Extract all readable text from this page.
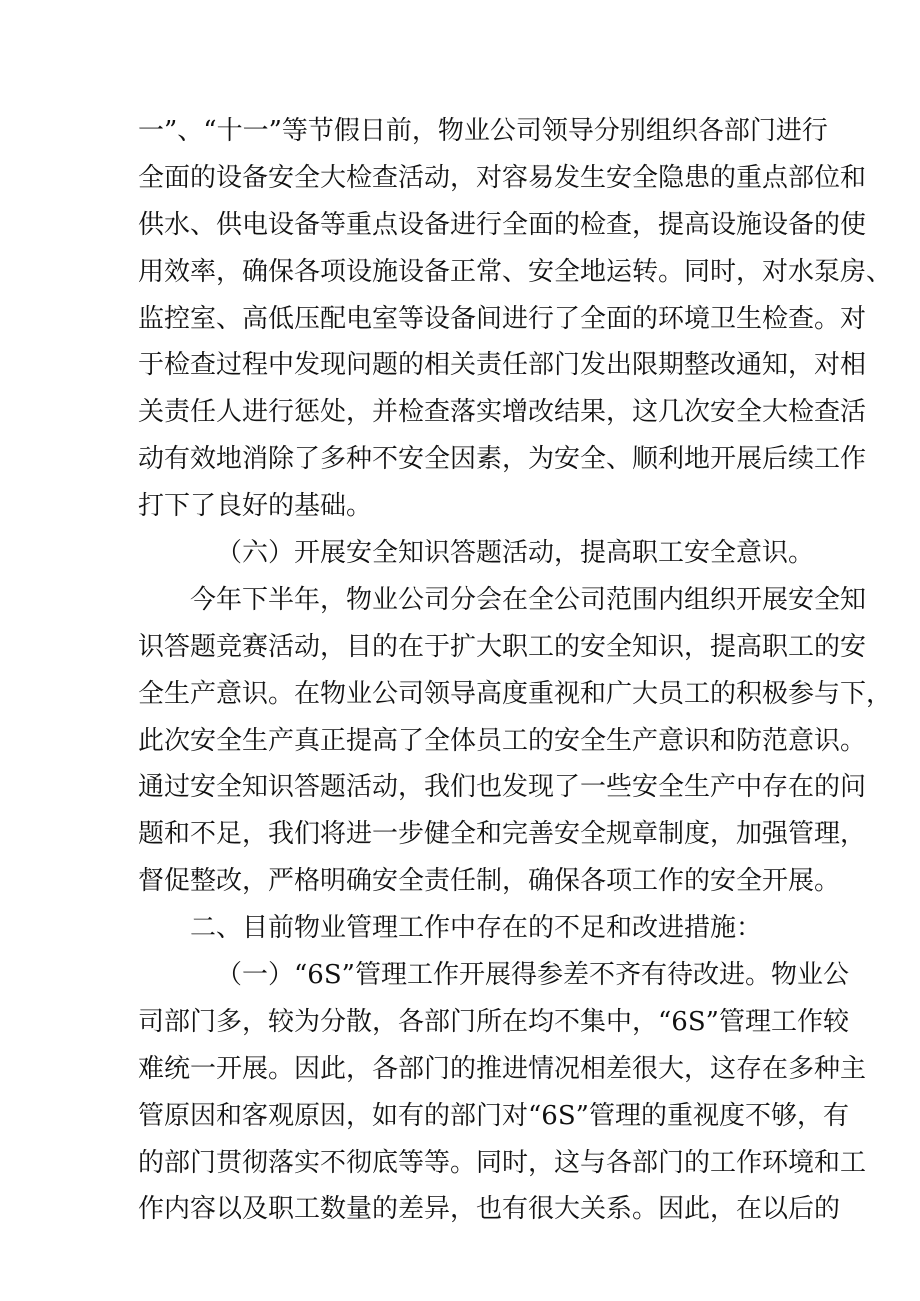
一”、“十一”等节假日前，物业公司领导分别组织各部门进行
全面的设备安全大检查活动，对容易发生安全隐患的重点部位和
供水、供电设备等重点设备进行全面的检查，提高设施设备的使
用效率，确保各项设施设备正常、安全地运转。同时，对水泵房、
监控室、高低压配电室等设备间进行了全面的环境卫生检查。对
于检查过程中发现问题的相关责任部门发出限期整改通知，对相
关责任人进行惩处，并检查落实增改结果，这几次安全大检查活
动有效地消除了多种不安全因素，为安全、顺利地开展后续工作
打下了良好的基础。
（六）开展安全知识答题活动，提高职工安全意识。
今年下半年，物业公司分会在全公司范围内组织开展安全知
识答题竞赛活动，目的在于扩大职工的安全知识，提高职工的安
全生产意识。在物业公司领导高度重视和广大员工的积极参与下，
此次安全生产真正提高了全体员工的安全生产意识和防范意识。
通过安全知识答题活动，我们也发现了一些安全生产中存在的问
题和不足，我们将进一步健全和完善安全规章制度，加强管理，
督促整改，严格明确安全责任制，确保各项工作的安全开展。
二、目前物业管理工作中存在的不足和改进措施：
（一）“6S”管理工作开展得参差不齐有待改进。物业公
司部门多，较为分散，各部门所在均不集中，“6S”管理工作较
难统一开展。因此，各部门的推进情况相差很大，这存在多种主
管原因和客观原因，如有的部门对“6S”管理的重视度不够，有
的部门贯彻落实不彻底等等。同时，这与各部门的工作环境和工
作内容以及职工数量的差异，也有很大关系。因此，在以后的
